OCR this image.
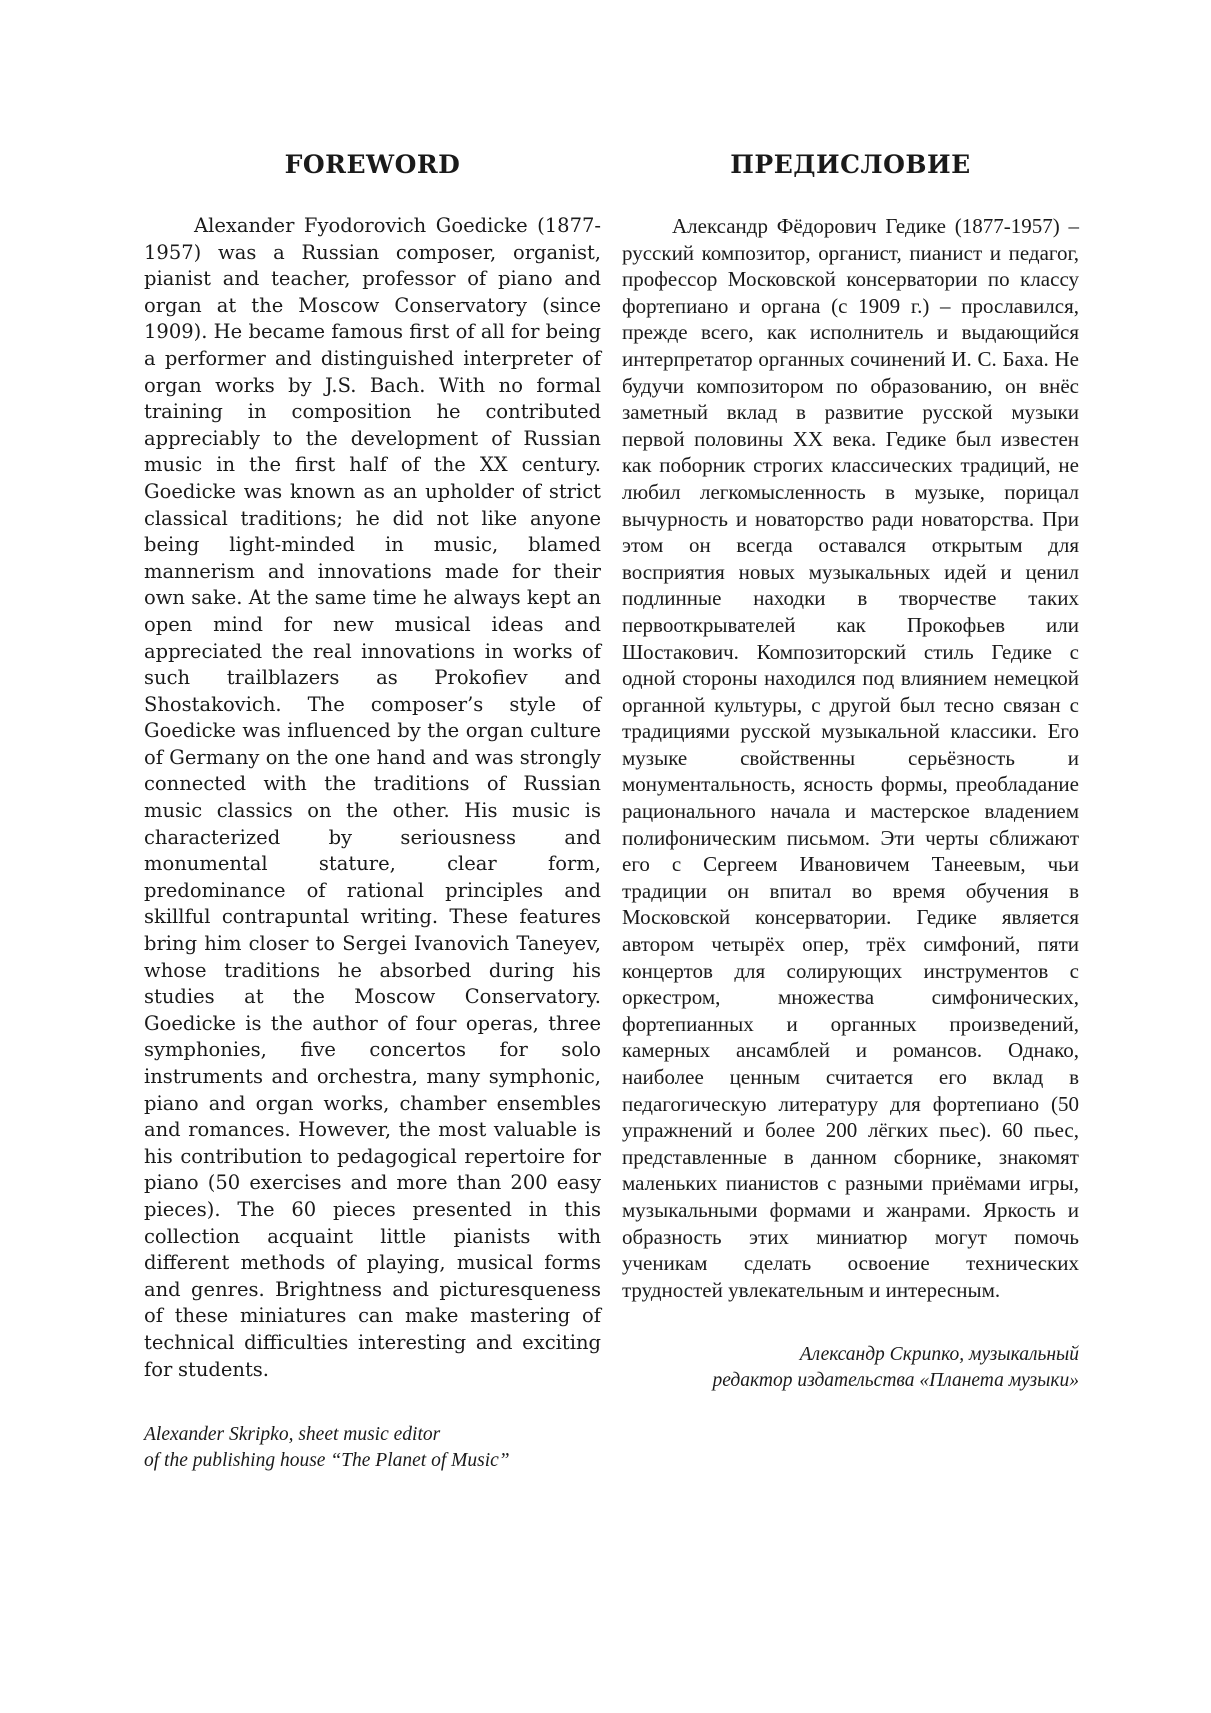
FOREWORD

Alexander Fyodorovich Goedicke (1877-1957) was a Russian composer, organist, pianist and teacher, professor of piano and organ at the Moscow Conservatory (since 1909). He became famous first of all for being a performer and distinguished interpreter of organ works by J.S. Bach. With no formal training in composition he contributed appreciably to the development of Russian music in the first half of the XX century. Goedicke was known as an upholder of strict classical traditions; he did not like anyone being light-minded in music, blamed mannerism and innovations made for their own sake. At the same time he always kept an open mind for new musical ideas and appreciated the real innovations in works of such trailblazers as Prokofiev and Shostakovich. The composer’s style of Goedicke was influenced by the organ culture of Germany on the one hand and was strongly connected with the traditions of Russian music classics on the other. His music is characterized by seriousness and monumental stature, clear form, predominance of rational principles and skillful contrapuntal writing. These features bring him closer to Sergei Ivanovich Taneyev, whose traditions he absorbed during his studies at the Moscow Conservatory. Goedicke is the author of four operas, three symphonies, five concertos for solo instruments and orchestra, many symphonic, piano and organ works, chamber ensembles and romances. However, the most valuable is his contribution to pedagogical repertoire for piano (50 exercises and more than 200 easy pieces). The 60 pieces presented in this collection acquaint little pianists with different methods of playing, musical forms and genres. Brightness and picturesqueness of these miniatures can make mastering of technical difficulties interesting and exciting for students.

Alexander Skripko, sheet music editor
of the publishing house “The Planet of Music”
ПРЕДИСЛОВИЕ

Александр Фёдорович Гедике (1877-1957) – русский композитор, органист, пианист и педагог, профессор Московской консерватории по классу фортепиано и органа (с 1909 г.) – прославился, прежде всего, как исполнитель и выдающийся интерпретатор органных сочинений И. С. Баха. Не будучи композитором по образованию, он внёс заметный вклад в развитие русской музыки первой половины XX века. Гедике был известен как поборник строгих классических традиций, не любил легкомысленность в музыке, порицал вычурность и новаторство ради новаторства. При этом он всегда оставался открытым для восприятия новых музыкальных идей и ценил подлинные находки в творчестве таких первооткрывателей как Прокофьев или Шостакович. Композиторский стиль Гедике с одной стороны находился под влиянием немецкой органной культуры, с другой был тесно связан с традициями русской музыкальной классики. Его музыке свойственны серьёзность и монументальность, ясность формы, преобладание рационального начала и мастерское владением полифоническим письмом. Эти черты сближают его с Сергеем Ивановичем Танеевым, чьи традиции он впитал во время обучения в Московской консерватории. Гедике является автором четырёх опер, трёх симфоний, пяти концертов для солирующих инструментов с оркестром, множества симфонических, фортепианных и органных произведений, камерных ансамблей и романсов. Однако, наиболее ценным считается его вклад в педагогическую литературу для фортепиано (50 упражнений и более 200 лёгких пьес). 60 пьес, представленные в данном сборнике, знакомят маленьких пианистов с разными приёмами игры, музыкальными формами и жанрами. Яркость и образность этих миниатюр могут помочь ученикам сделать освоение технических трудностей увлекательным и интересным.

Александр Скрипко, музыкальный
редактор издательства «Планета музыки»
